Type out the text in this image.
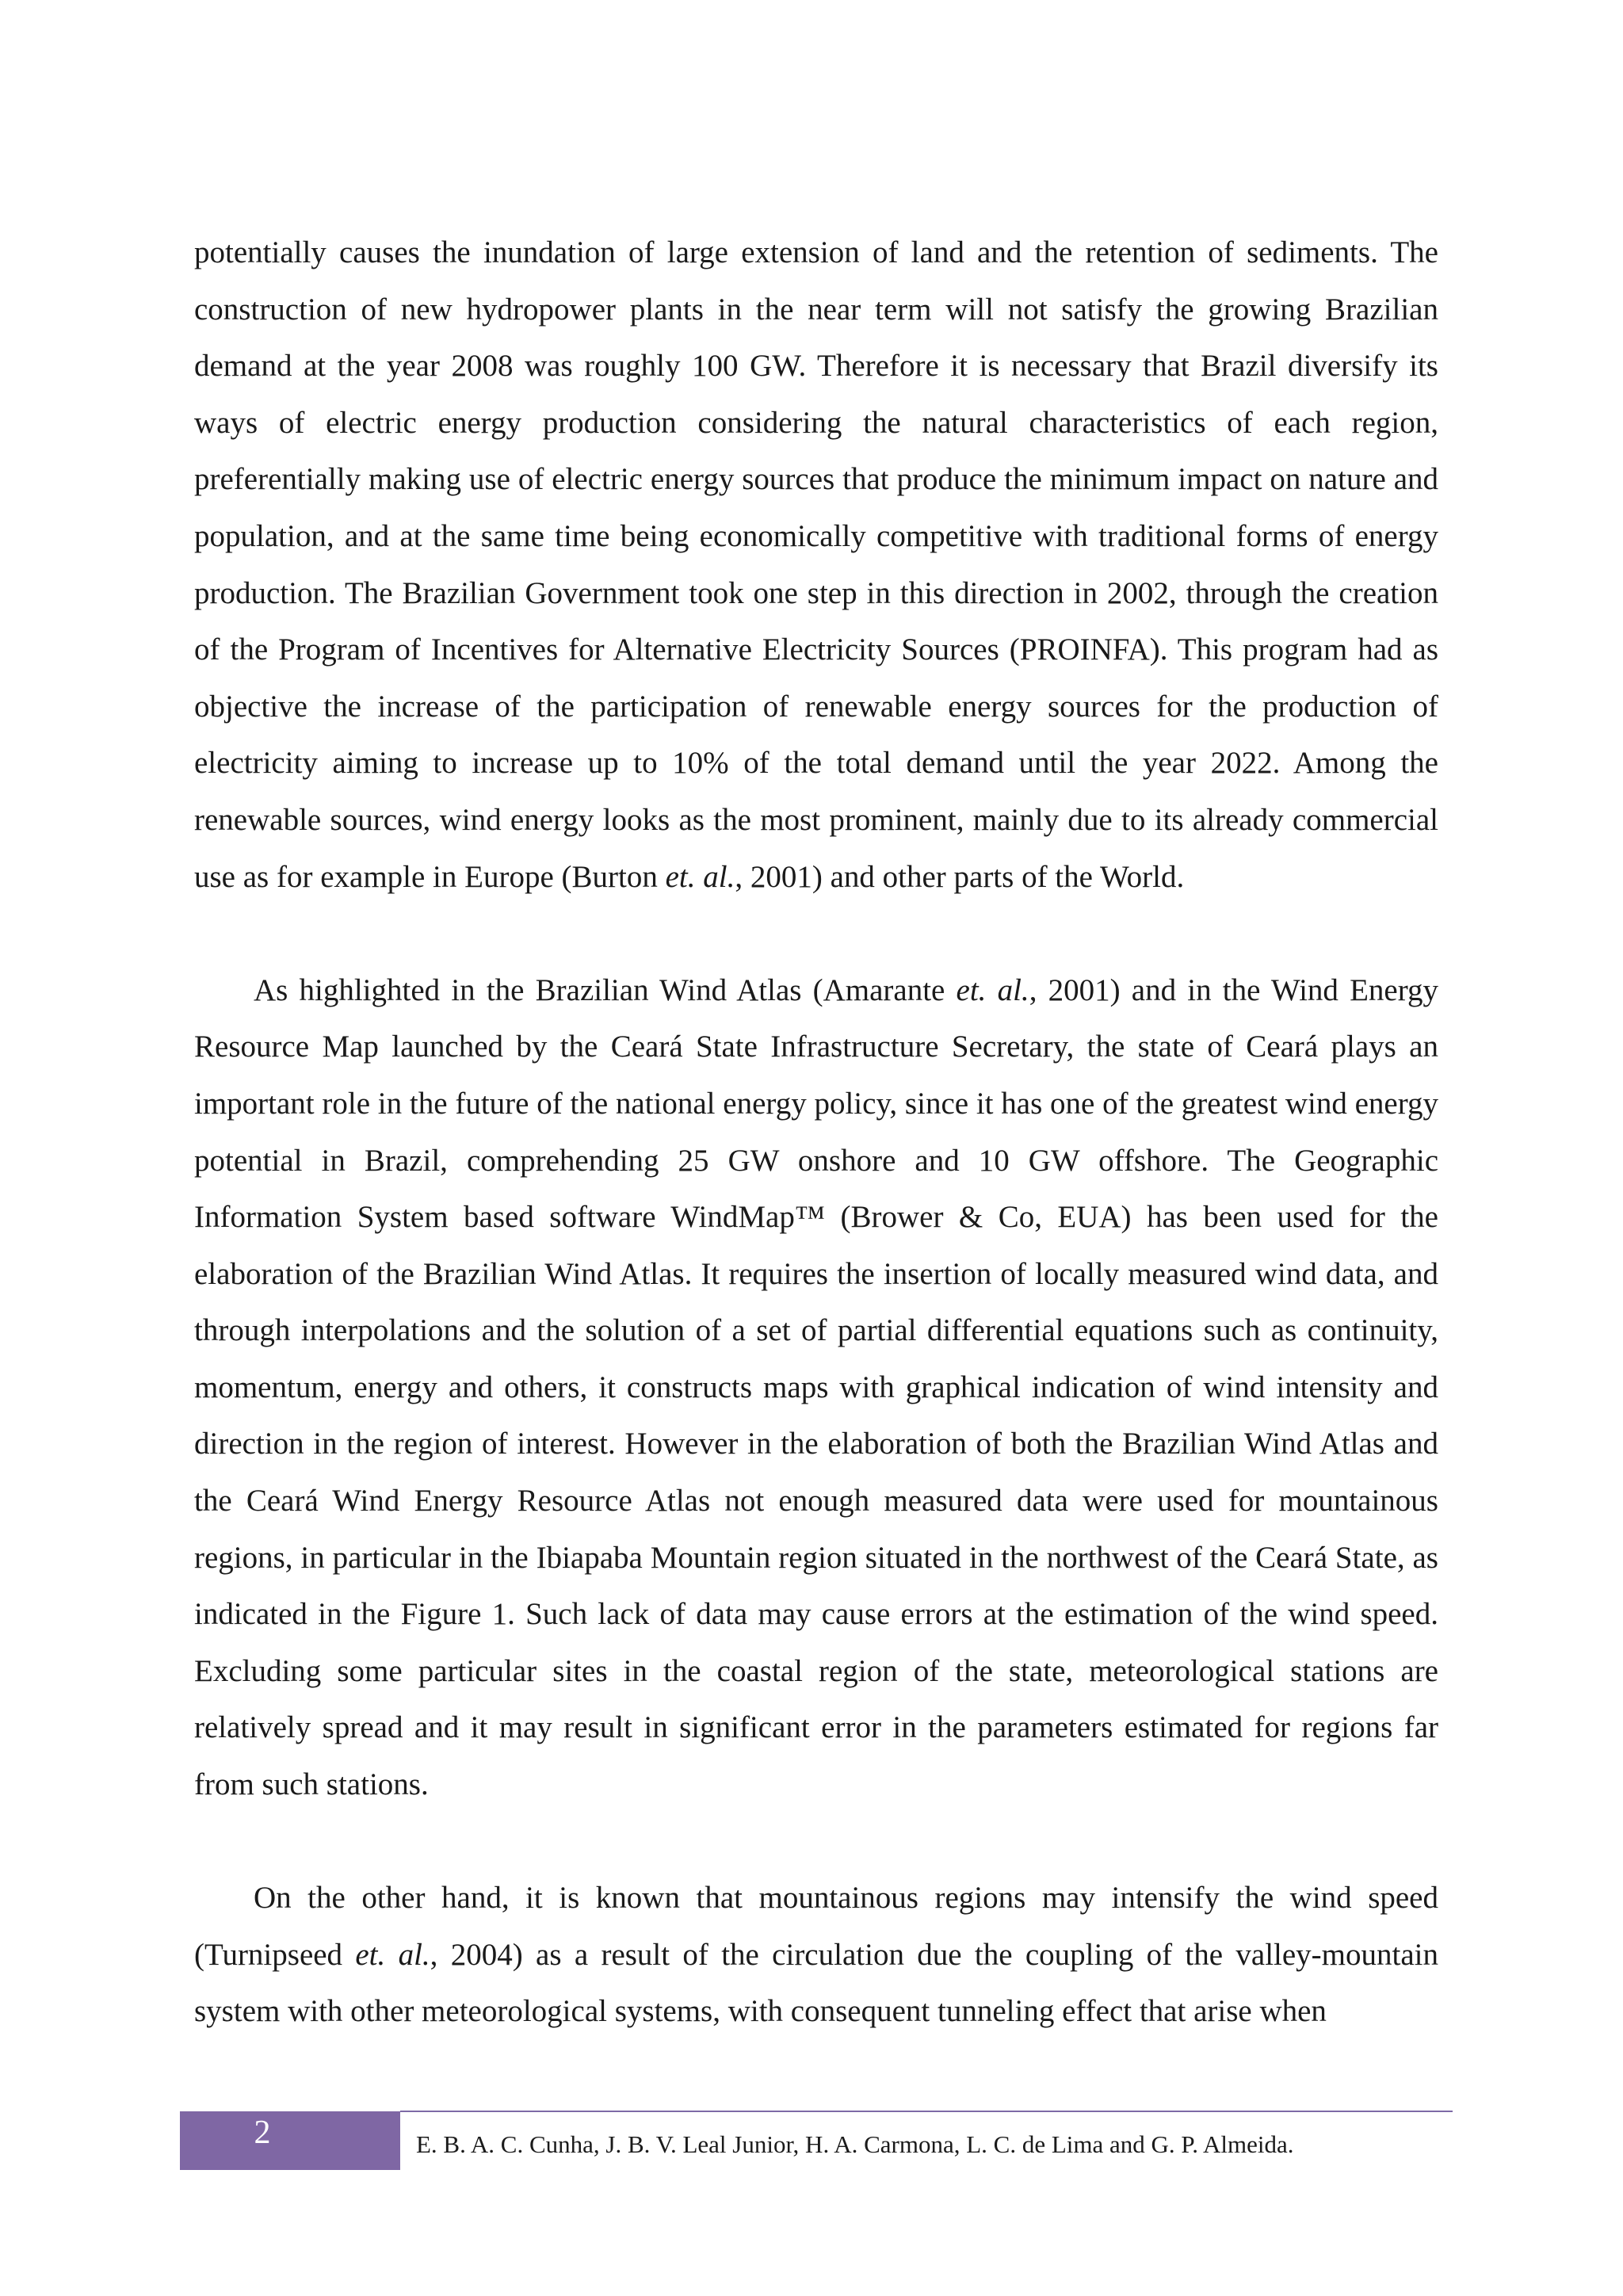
potentially causes the inundation of large extension of land and the retention of sediments. The construction of new hydropower plants in the near term will not satisfy the growing Brazilian demand at the year 2008 was roughly 100 GW. Therefore it is necessary that Brazil diversify its ways of electric energy production considering the natural characteristics of each region, preferentially making use of electric energy sources that produce the minimum impact on nature and population, and at the same time being economically competitive with traditional forms of energy production. The Brazilian Government took one step in this direction in 2002, through the creation of the Program of Incentives for Alternative Electricity Sources (PROINFA). This program had as objective the increase of the participation of renewable energy sources for the production of electricity aiming to increase up to 10% of the total demand until the year 2022. Among the renewable sources, wind energy looks as the most prominent, mainly due to its already commercial use as for example in Europe (Burton et. al., 2001) and other parts of the World.

As highlighted in the Brazilian Wind Atlas (Amarante et. al., 2001) and in the Wind Energy Resource Map launched by the Ceará State Infrastructure Secretary, the state of Ceará plays an important role in the future of the national energy policy, since it has one of the greatest wind energy potential in Brazil, comprehending 25 GW onshore and 10 GW offshore. The Geographic Information System based software WindMap™ (Brower & Co, EUA) has been used for the elaboration of the Brazilian Wind Atlas. It requires the insertion of locally measured wind data, and through interpolations and the solution of a set of partial differential equations such as continuity, momentum, energy and others, it constructs maps with graphical indication of wind intensity and direction in the region of interest. However in the elaboration of both the Brazilian Wind Atlas and the Ceará Wind Energy Resource Atlas not enough measured data were used for mountainous regions, in particular in the Ibiapaba Mountain region situated in the northwest of the Ceará State, as indicated in the Figure 1. Such lack of data may cause errors at the estimation of the wind speed. Excluding some particular sites in the coastal region of the state, meteorological stations are relatively spread and it may result in significant error in the parameters estimated for regions far from such stations.

On the other hand, it is known that mountainous regions may intensify the wind speed (Turnipseed et. al., 2004) as a result of the circulation due the coupling of the valley-mountain system with other meteorological systems, with consequent tunneling effect that arise when

2	E. B. A. C. Cunha, J. B. V. Leal Junior, H. A. Carmona, L. C. de Lima and G. P. Almeida.
